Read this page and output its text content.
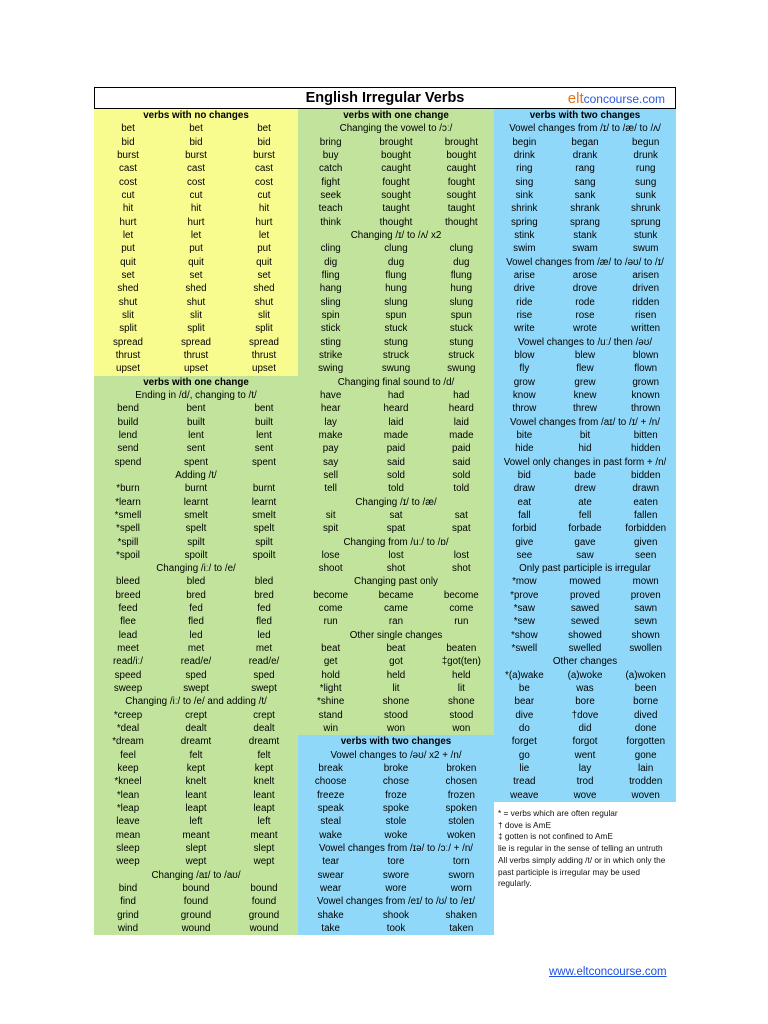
English Irregular Verbs	eltconcourse.com
verbs with no changes
bet	bet	bet
bid	bid	bid
burst	burst	burst
cast	cast	cast
cost	cost	cost
cut	cut	cut
hit	hit	hit
hurt	hurt	hurt
let	let	let
put	put	put
quit	quit	quit
set	set	set
shed	shed	shed
shut	shut	shut
slit	slit	slit
split	split	split
spread	spread	spread
thrust	thrust	thrust
upset	upset	upset
verbs with one change
Ending in /d/, changing to /t/
bend	bent	bent
build	built	built
lend	lent	lent
send	sent	sent
spend	spent	spent
Adding /t/
*burn	burnt	burnt
*learn	learnt	learnt
*smell	smelt	smelt
*spell	spelt	spelt
*spill	spilt	spilt
*spoil	spoilt	spoilt
Changing /iː/ to /e/
bleed	bled	bled
breed	bred	bred
feed	fed	fed
flee	fled	fled
lead	led	led
meet	met	met
read/iː/	read/e/	read/e/
speed	sped	sped
sweep	swept	swept
Changing /iː/ to /e/ and adding /t/
*creep	crept	crept
*deal	dealt	dealt
*dream	dreamt	dreamt
feel	felt	felt
keep	kept	kept
*kneel	knelt	knelt
*lean	leant	leant
*leap	leapt	leapt
leave	left	left
mean	meant	meant
sleep	slept	slept
weep	wept	wept
Changing /aɪ/ to /aʊ/
bind	bound	bound
find	found	found
grind	ground	ground
wind	wound	wound
verbs with one change
Changing the vowel to /ɔː/
bring	brought	brought
buy	bought	bought
catch	caught	caught
fight	fought	fought
seek	sought	sought
teach	taught	taught
think	thought	thought
Changing /ɪ/ to /ʌ/ x2
cling	clung	clung
dig	dug	dug
fling	flung	flung
hang	hung	hung
sling	slung	slung
spin	spun	spun
stick	stuck	stuck
sting	stung	stung
strike	struck	struck
swing	swung	swung
Changing final sound to /d/
have	had	had
hear	heard	heard
lay	laid	laid
make	made	made
pay	paid	paid
say	said	said
sell	sold	sold
tell	told	told
Changing /ɪ/ to /æ/
sit	sat	sat
spit	spat	spat
Changing from /uː/ to /ɒ/
lose	lost	lost
shoot	shot	shot
Changing past only
become	became	become
come	came	come
run	ran	run
Other single changes
beat	beat	beaten
get	got	‡got(ten)
hold	held	held
*light	lit	lit
*shine	shone	shone
stand	stood	stood
win	won	won
verbs with two changes
Vowel changes to /əʊ/ x2 + /n/
break	broke	broken
choose	chose	chosen
freeze	froze	frozen
speak	spoke	spoken
steal	stole	stolen
wake	woke	woken
Vowel changes from /ɪə/ to /ɔː/ + /n/
tear	tore	torn
swear	swore	sworn
wear	wore	worn
Vowel changes from /eɪ/ to /ʊ/ to /eɪ/
shake	shook	shaken
take	took	taken
verbs with two changes
Vowel changes from /ɪ/ to /æ/ to /ʌ/
begin	began	begun
drink	drank	drunk
ring	rang	rung
sing	sang	sung
sink	sank	sunk
shrink	shrank	shrunk
spring	sprang	sprung
stink	stank	stunk
swim	swam	swum
Vowel changes from /æ/ to /əʊ/ to /ɪ/
arise	arose	arisen
drive	drove	driven
ride	rode	ridden
rise	rose	risen
write	wrote	written
Vowel changes to /uː/ then /əʊ/
blow	blew	blown
fly	flew	flown
grow	grew	grown
know	knew	known
throw	threw	thrown
Vowel changes from /aɪ/ to /ɪ/ + /n/
bite	bit	bitten
hide	hid	hidden
Vowel only changes in past form + /n/
bid	bade	bidden
draw	drew	drawn
eat	ate	eaten
fall	fell	fallen
forbid	forbade	forbidden
give	gave	given
see	saw	seen
Only past participle is irregular
*mow	mowed	mown
*prove	proved	proven
*saw	sawed	sawn
*sew	sewed	sewn
*show	showed	shown
*swell	swelled	swollen
Other changes
*(a)wake	(a)woke	(a)woken
be	was	been
bear	bore	borne
dive	†dove	dived
do	did	done
forget	forgot	forgotten
go	went	gone
lie	lay	lain
tread	trod	trodden
weave	wove	woven
* = verbs which are often regular
† dove is AmE
‡ gotten is not confined to AmE
lie is regular in the sense of telling an untruth
All verbs simply adding /t/ or in which only the past participle is irregular may be used regularly.
www.eltconcourse.com
